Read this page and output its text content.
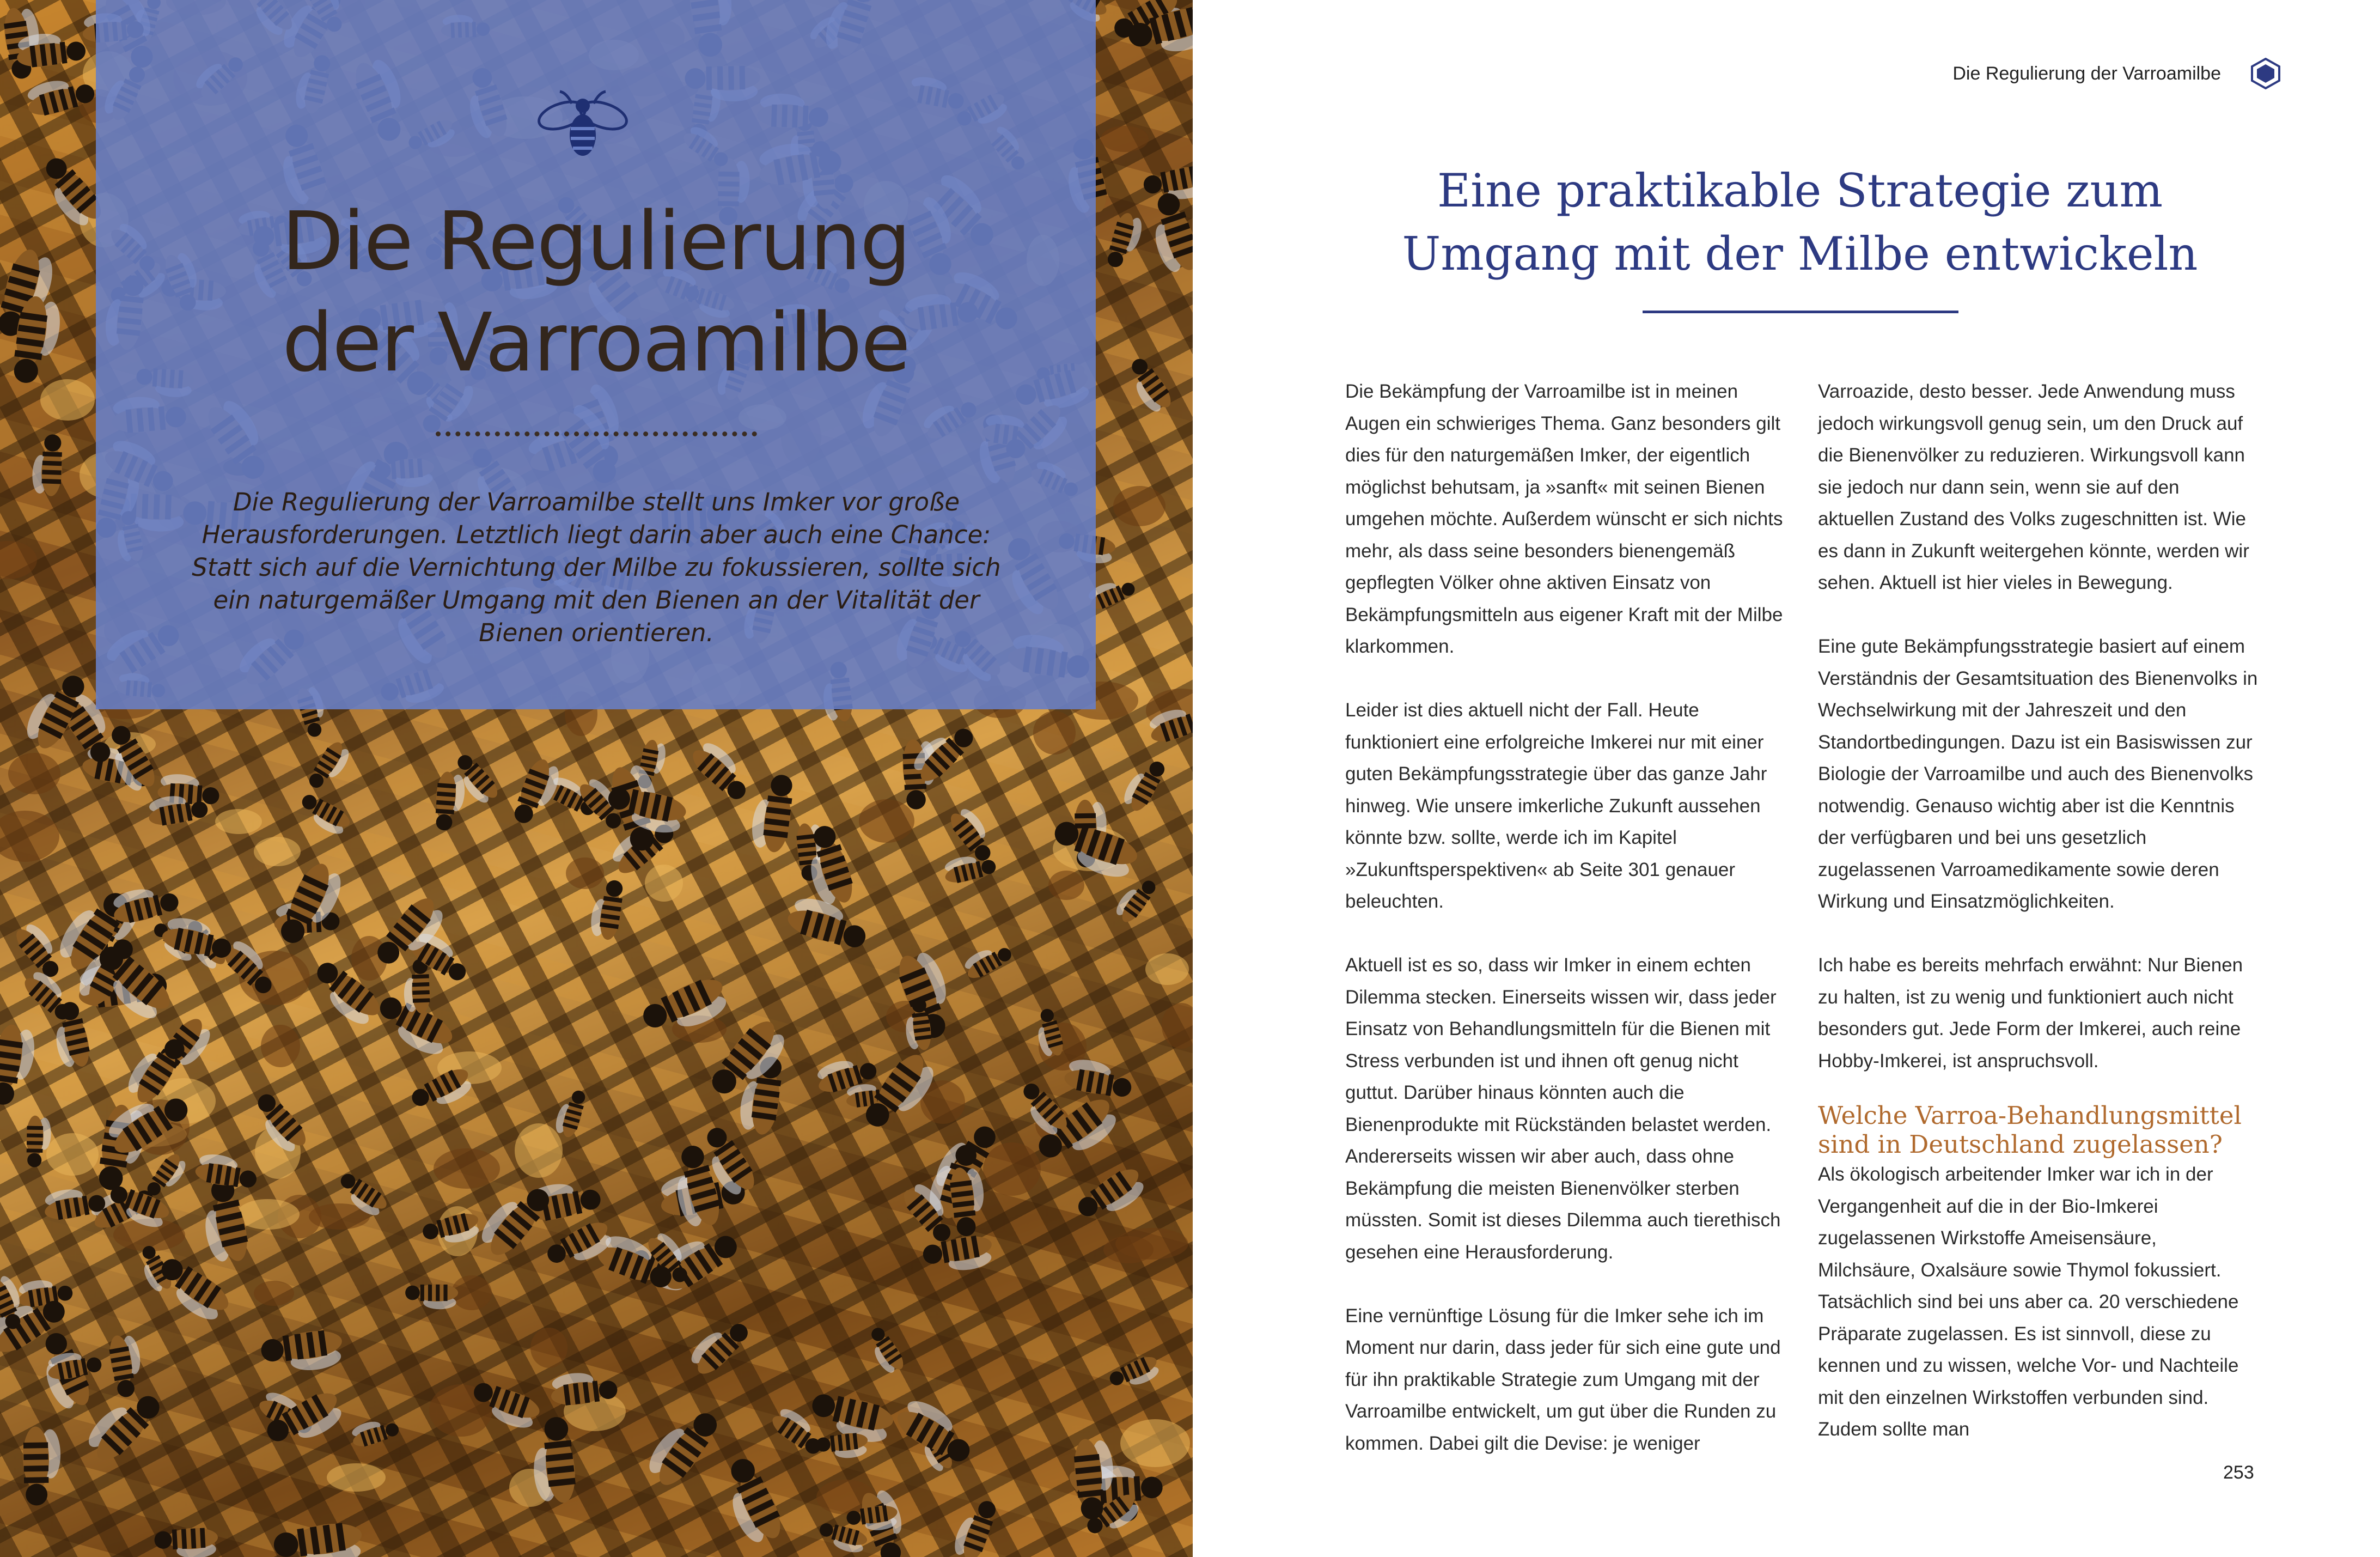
Die Regulierung
der Varroamilbe

Die Regulierung der Varroamilbe stellt uns Imker vor große Herausforderungen. Letztlich liegt darin aber auch eine Chance: Statt sich auf die Vernichtung der Milbe zu fokussieren, sollte sich ein naturgemäßer Umgang mit den Bienen an der Vitalität der Bienen orientieren.

Die Regulierung der Varroamilbe
Eine praktikable Strategie zum
Umgang mit der Milbe entwickeln

Die Bekämpfung der Varroamilbe ist in meinen Augen ein schwieriges Thema. Ganz besonders gilt dies für den naturgemäßen Imker, der eigentlich möglichst behutsam, ja »sanft« mit seinen Bienen umgehen möchte. Außerdem wünscht er sich nichts mehr, als dass seine besonders bienengemäß gepflegten Völker ohne aktiven Einsatz von Bekämpfungsmitteln aus eigener Kraft mit der Milbe klarkommen.

Leider ist dies aktuell nicht der Fall. Heute funktioniert eine erfolgreiche Imkerei nur mit einer guten Bekämpfungsstrategie über das ganze Jahr hinweg. Wie unsere imkerliche Zukunft aussehen könnte bzw. sollte, werde ich im Kapitel »Zukunftsperspektiven« ab Seite 301 genauer beleuchten.

Aktuell ist es so, dass wir Imker in einem echten Dilemma stecken. Einerseits wissen wir, dass jeder Einsatz von Behandlungsmitteln für die Bienen mit Stress verbunden ist und ihnen oft genug nicht guttut. Darüber hinaus könnten auch die Bienenprodukte mit Rückständen belastet werden. Andererseits wissen wir aber auch, dass ohne Bekämpfung die meisten Bienenvölker sterben müssten. Somit ist dieses Dilemma auch tierethisch gesehen eine Herausforderung.

Eine vernünftige Lösung für die Imker sehe ich im Moment nur darin, dass jeder für sich eine gute und für ihn praktikable Strategie zum Umgang mit der Varroamilbe entwickelt, um gut über die Runden zu kommen. Dabei gilt die Devise: je weniger

Varroazide, desto besser. Jede Anwendung muss jedoch wirkungsvoll genug sein, um den Druck auf die Bienenvölker zu reduzieren. Wirkungsvoll kann sie jedoch nur dann sein, wenn sie auf den aktuellen Zustand des Volks zugeschnitten ist. Wie es dann in Zukunft weitergehen könnte, werden wir sehen. Aktuell ist hier vieles in Bewegung.

Eine gute Bekämpfungsstrategie basiert auf einem Verständnis der Gesamtsituation des Bienenvolks in Wechselwirkung mit der Jahreszeit und den Standortbedingungen. Dazu ist ein Basiswissen zur Biologie der Varroamilbe und auch des Bienenvolks notwendig. Genauso wichtig aber ist die Kenntnis der verfügbaren und bei uns gesetzlich zugelassenen Varroamedikamente sowie deren Wirkung und Einsatzmöglichkeiten.

Ich habe es bereits mehrfach erwähnt: Nur Bienen zu halten, ist zu wenig und funktioniert auch nicht besonders gut. Jede Form der Imkerei, auch reine Hobby-Imkerei, ist anspruchsvoll.

Welche Varroa-Behandlungsmittel sind in Deutschland zugelassen?

Als ökologisch arbeitender Imker war ich in der Vergangenheit auf die in der Bio-Imkerei zugelassenen Wirkstoffe Ameisensäure, Milchsäure, Oxalsäure sowie Thymol fokussiert. Tatsächlich sind bei uns aber ca. 20 verschiedene Präparate zugelassen. Es ist sinnvoll, diese zu kennen und zu wissen, welche Vor- und Nachteile mit den einzelnen Wirkstoffen verbunden sind. Zudem sollte man

253
